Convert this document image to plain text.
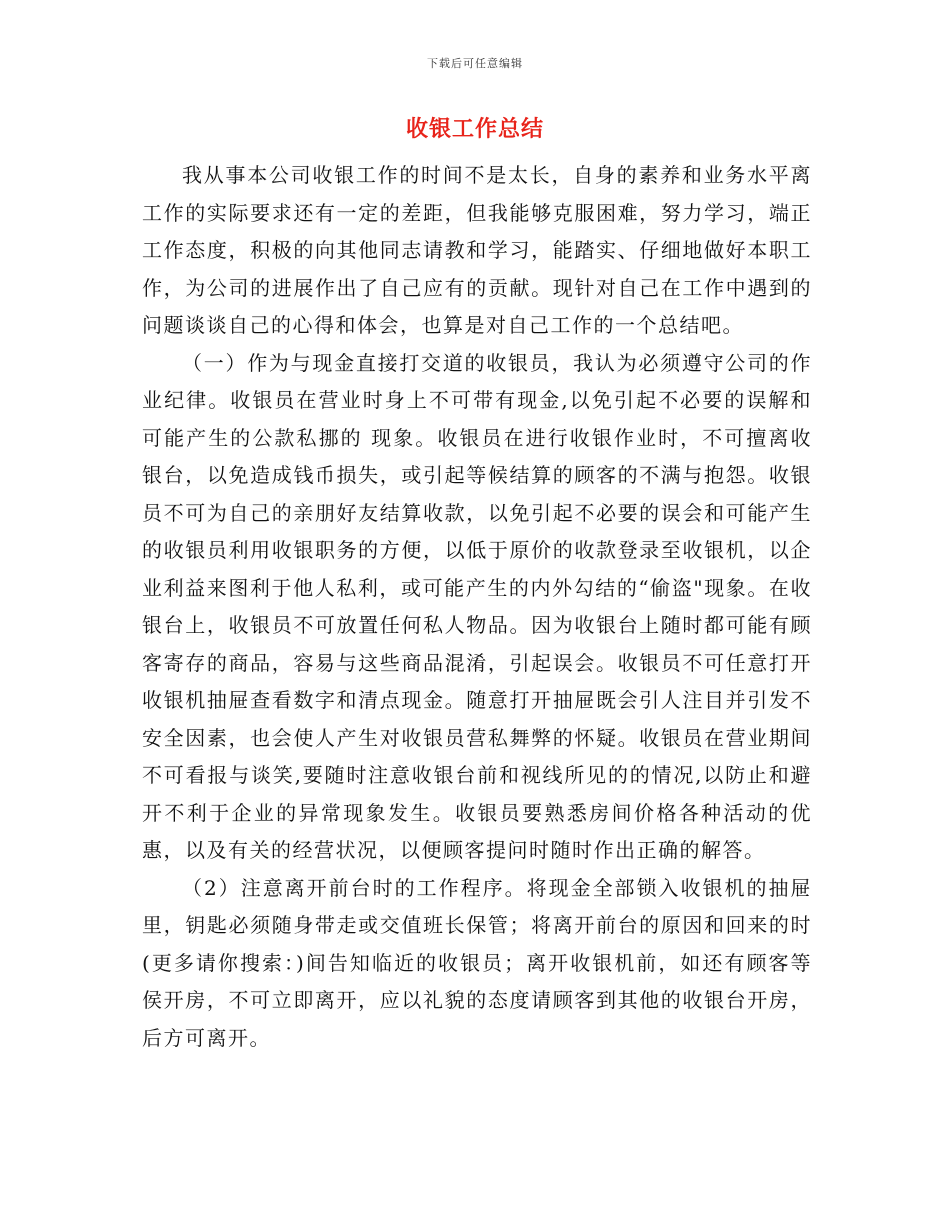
下载后可任意编辑
收银工作总结

我从事本公司收银工作的时间不是太长，自身的素养和业务水平离工作的实际要求还有一定的差距，但我能够克服困难，努力学习，端正工作态度，积极的向其他同志请教和学习，能踏实、仔细地做好本职工作，为公司的进展作出了自己应有的贡献。现针对自己在工作中遇到的问题谈谈自己的心得和体会，也算是对自己工作的一个总结吧。

（一）作为与现金直接打交道的收银员，我认为必须遵守公司的作业纪律。收银员在营业时身上不可带有现金,以免引起不必要的误解和可能产生的公款私挪的 现象。收银员在进行收银作业时，不可擅离收银台，以免造成钱币损失，或引起等候结算的顾客的不满与抱怨。收银员不可为自己的亲朋好友结算收款，以免引起不必要的误会和可能产生的收银员利用收银职务的方便，以低于原价的收款登录至收银机，以企业利益来图利于他人私利，或可能产生的内外勾结的“偷盗"现象。在收银台上，收银员不可放置任何私人物品。因为收银台上随时都可能有顾客寄存的商品，容易与这些商品混淆，引起误会。收银员不可任意打开收银机抽屉查看数字和清点现金。随意打开抽屉既会引人注目并引发不安全因素，也会使人产生对收银员营私舞弊的怀疑。收银员在营业期间不可看报与谈笑,要随时注意收银台前和视线所见的的情况,以防止和避开不利于企业的异常现象发生。收银员要熟悉房间价格各种活动的优惠，以及有关的经营状况，以便顾客提问时随时作出正确的解答。

（2）注意离开前台时的工作程序。将现金全部锁入收银机的抽屉里，钥匙必须随身带走或交值班长保管；将离开前台的原因和回来的时(更多请你搜索：)间告知临近的收银员；离开收银机前，如还有顾客等侯开房，不可立即离开，应以礼貌的态度请顾客到其他的收银台开房，后方可离开。
